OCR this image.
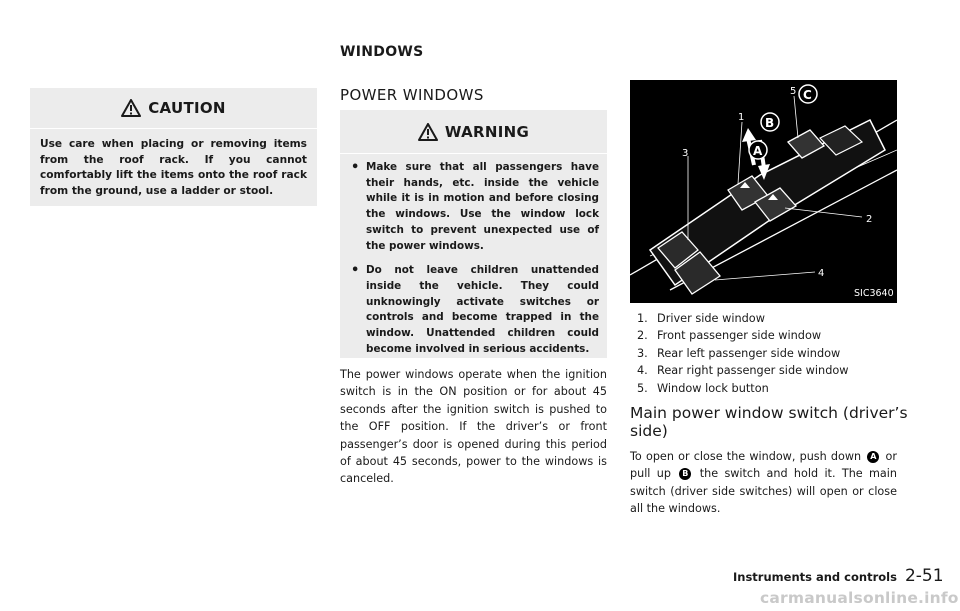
WINDOWS
CAUTION

Use care when placing or removing items from the roof rack. If you cannot comfortably lift the items onto the roof rack from the ground, use a ladder or stool.

POWER WINDOWS
WARNING
• Make sure that all passengers have their hands, etc. inside the vehicle while it is in motion and before closing the windows. Use the window lock switch to prevent unexpected use of the power windows.
• Do not leave children unattended inside the vehicle. They could unknowingly activate switches or controls and become trapped in the window. Unattended children could become involved in serious accidents.

The power windows operate when the ignition switch is in the ON position or for about 45 seconds after the ignition switch is pushed to the OFF position. If the driver’s or front passenger’s door is opened during this period of about 45 seconds, power to the windows is canceled.

3
1
2
4
5 C
B
A
SIC3640
1. Driver side window
2. Front passenger side window
3. Rear left passenger side window
4. Rear right passenger side window
5. Window lock button
Main power window switch (driver’s side)

To open or close the window, push down A or pull up B the switch and hold it. The main switch (driver side switches) will open or close all the windows.

Instruments and controls 2-51
carmanualsonline.info
